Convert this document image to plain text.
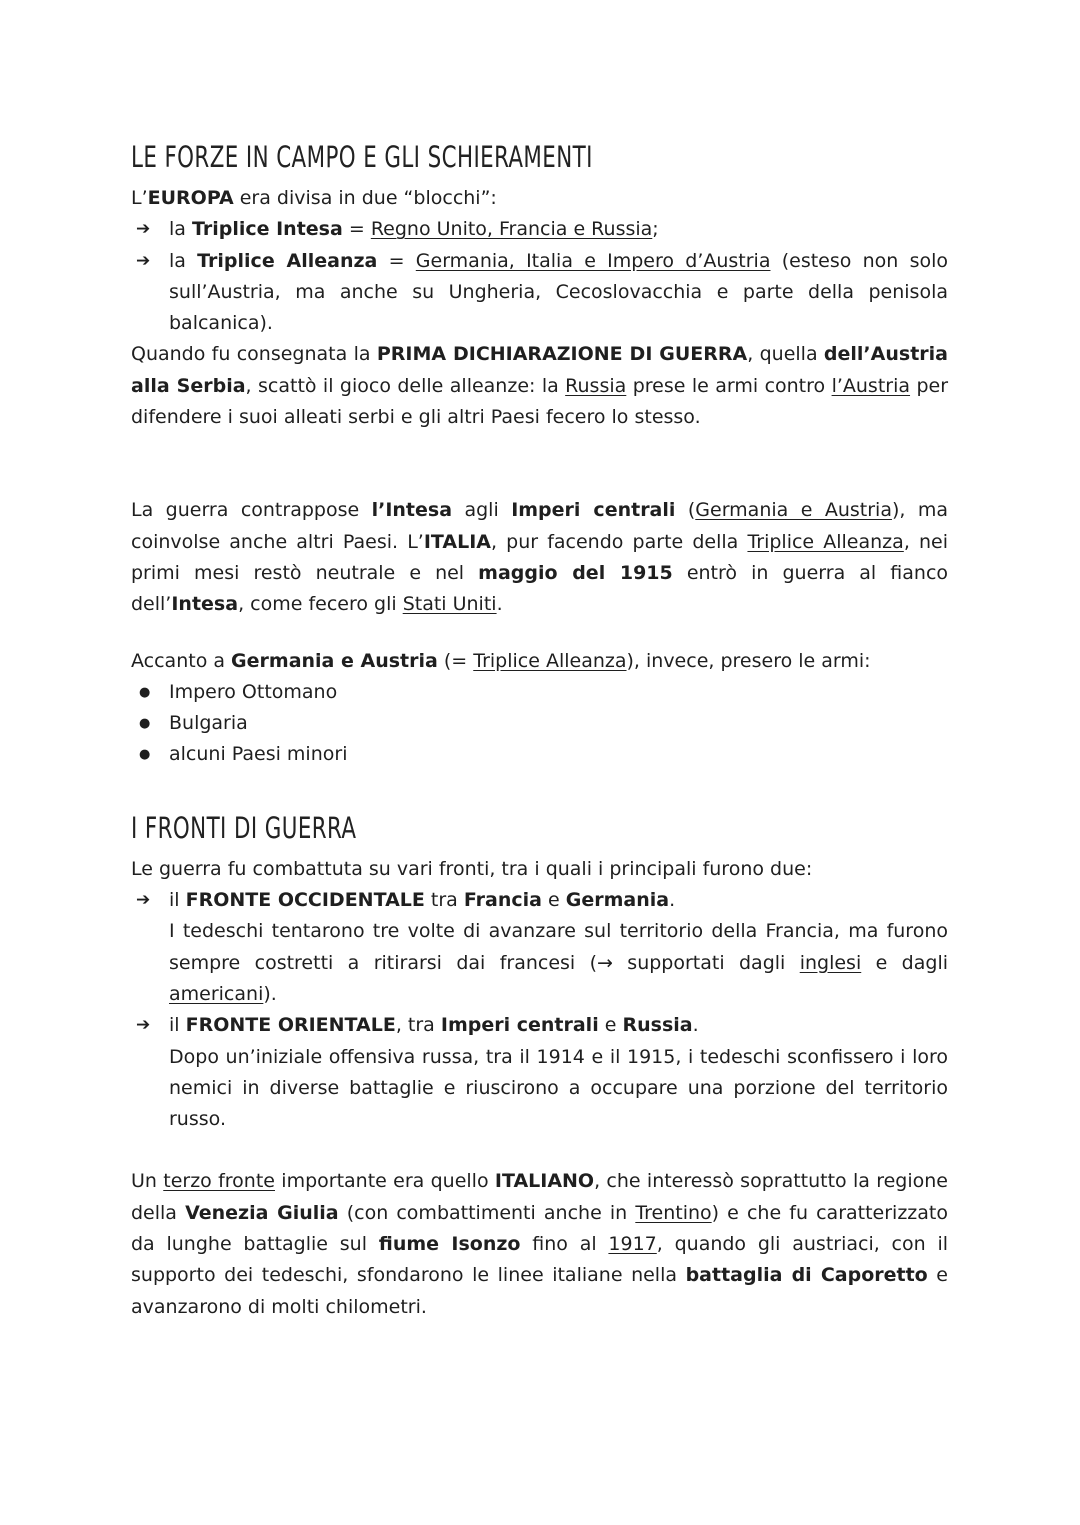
LE FORZE IN CAMPO E GLI SCHIERAMENTI

L’EUROPA era divisa in due “blocchi”:

➔ la Triplice Intesa = Regno Unito, Francia e Russia;
➔ la Triplice Alleanza = Germania, Italia e Impero d’Austria (esteso non solo sull’Austria, ma anche su Ungheria, Cecoslovacchia e parte della penisola balcanica).

Quando fu consegnata la PRIMA DICHIARAZIONE DI GUERRA, quella dell’Austria alla Serbia, scattò il gioco delle alleanze: la Russia prese le armi contro l’Austria per difendere i suoi alleati serbi e gli altri Paesi fecero lo stesso.

La guerra contrappose l’Intesa agli Imperi centrali (Germania e Austria), ma coinvolse anche altri Paesi. L’ITALIA, pur facendo parte della Triplice Alleanza, nei primi mesi restò neutrale e nel maggio del 1915 entrò in guerra al fianco dell’Intesa, come fecero gli Stati Uniti.

Accanto a Germania e Austria (= Triplice Alleanza), invece, presero le armi:

● Impero Ottomano
● Bulgaria
● alcuni Paesi minori
I FRONTI DI GUERRA

Le guerra fu combattuta su vari fronti, tra i quali i principali furono due:

➔ il FRONTE OCCIDENTALE tra Francia e Germania.

I tedeschi tentarono tre volte di avanzare sul territorio della Francia, ma furono sempre costretti a ritirarsi dai francesi (→ supportati dagli inglesi e dagli americani).

➔ il FRONTE ORIENTALE, tra Imperi centrali e Russia.

Dopo un’iniziale offensiva russa, tra il 1914 e il 1915, i tedeschi sconfissero i loro nemici in diverse battaglie e riuscirono a occupare una porzione del territorio russo.

Un terzo fronte importante era quello ITALIANO, che interessò soprattutto la regione della Venezia Giulia (con combattimenti anche in Trentino) e che fu caratterizzato da lunghe battaglie sul fiume Isonzo fino al 1917, quando gli austriaci, con il supporto dei tedeschi, sfondarono le linee italiane nella battaglia di Caporetto e avanzarono di molti chilometri.
